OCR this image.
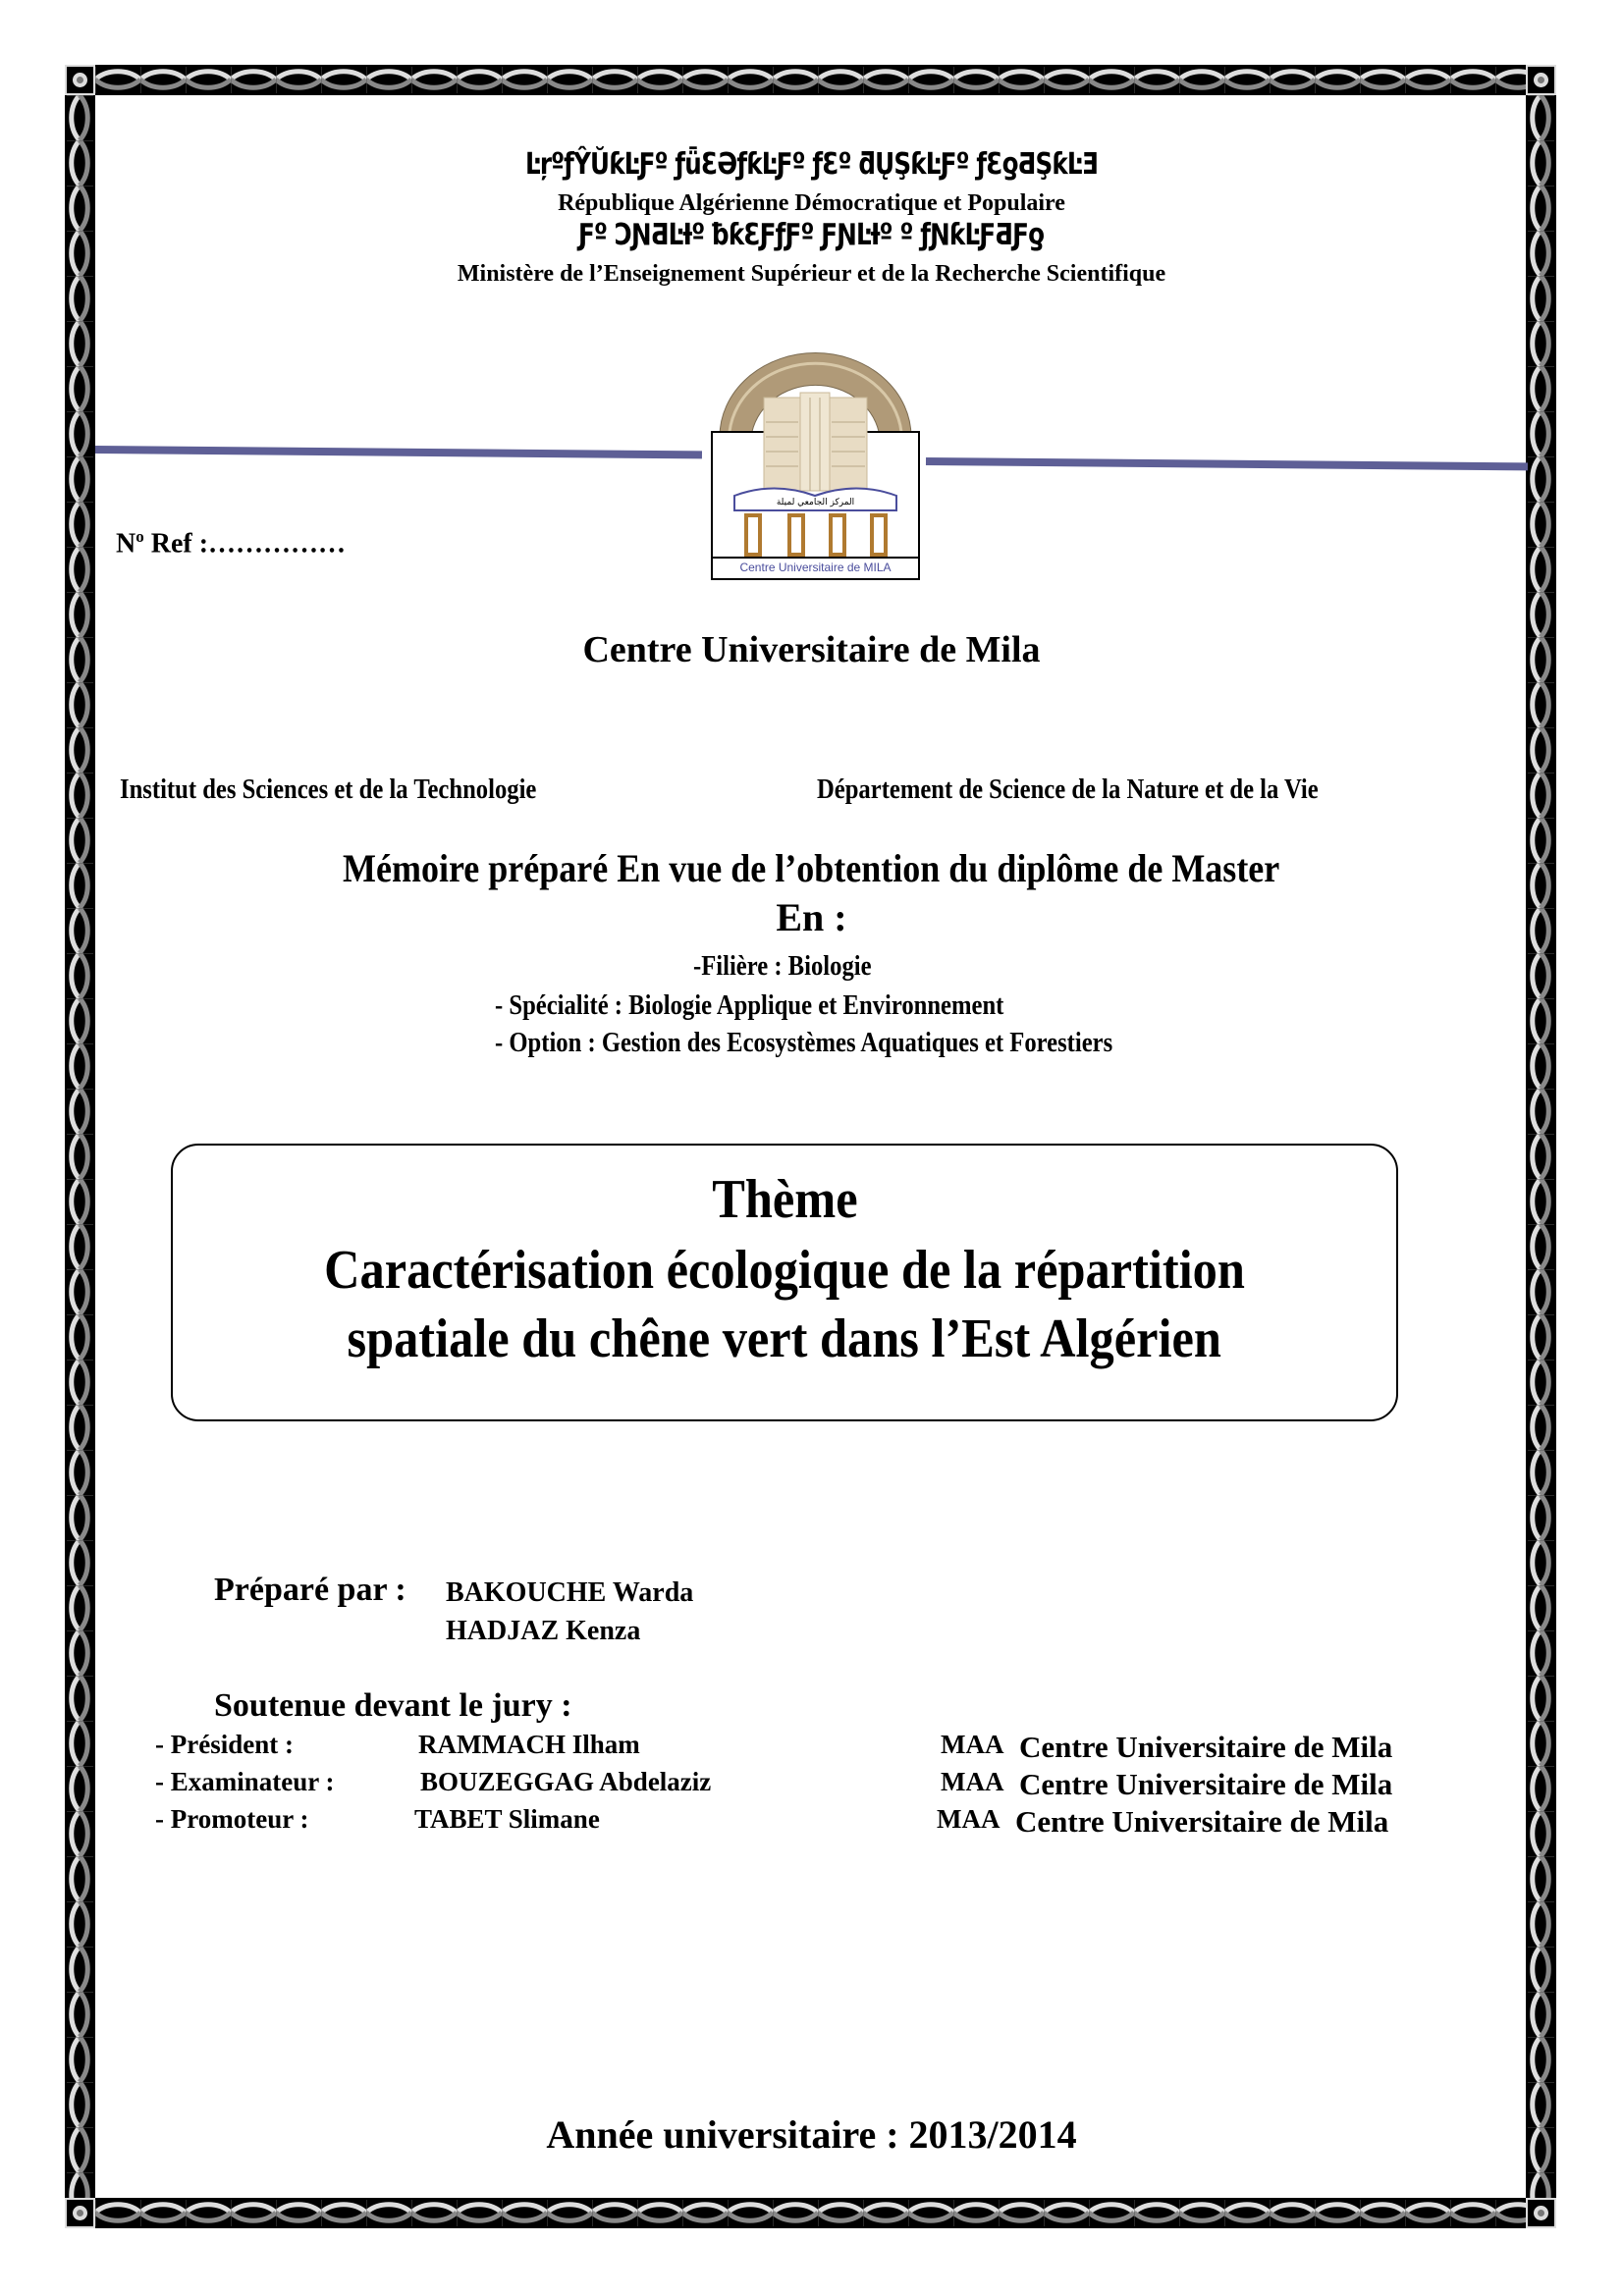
ĿŗºƒŶŬƙĿƑº ƒǖƐƏƒƙĿƑº ƒƐº ƌŲŞƙĿƑº ƒƐƍƋŞƙĿƎ
République Algérienne Démocratique et Populaire
Ƒº ƆƝƋĿƗº ƀƙƐƑƒƑº ƑƝĿƗº º ƒƝƙĿƑƋƑƍ
Ministère de l’Enseignement Supérieur et de la Recherche Scientifique
المركز الجامعي لميلة
Centre Universitaire de MILA
$N^o$ Ref :……………
Centre Universitaire de Mila
Institut des Sciences et de la Technologie	Département de Science de la Nature et de la Vie
Mémoire préparé En vue de l’obtention du diplôme de Master
En :
-Filière : Biologie
- Spécialité : Biologie Applique et Environnement
- Option : Gestion des Ecosystèmes Aquatiques et Forestiers
Thème
Caractérisation écologique de la répartition
spatiale du chêne vert dans l’Est Algérien
Préparé par : BAKOUCHE Warda
HADJAZ Kenza
Soutenue devant le jury :
- Président :	RAMMACH Ilham	MAA Centre Universitaire de Mila
- Examinateur :	BOUZEGGAG Abdelaziz	MAA Centre Universitaire de Mila
- Promoteur :	TABET Slimane	MAA Centre Universitaire de Mila
Année universitaire : 2013/2014
